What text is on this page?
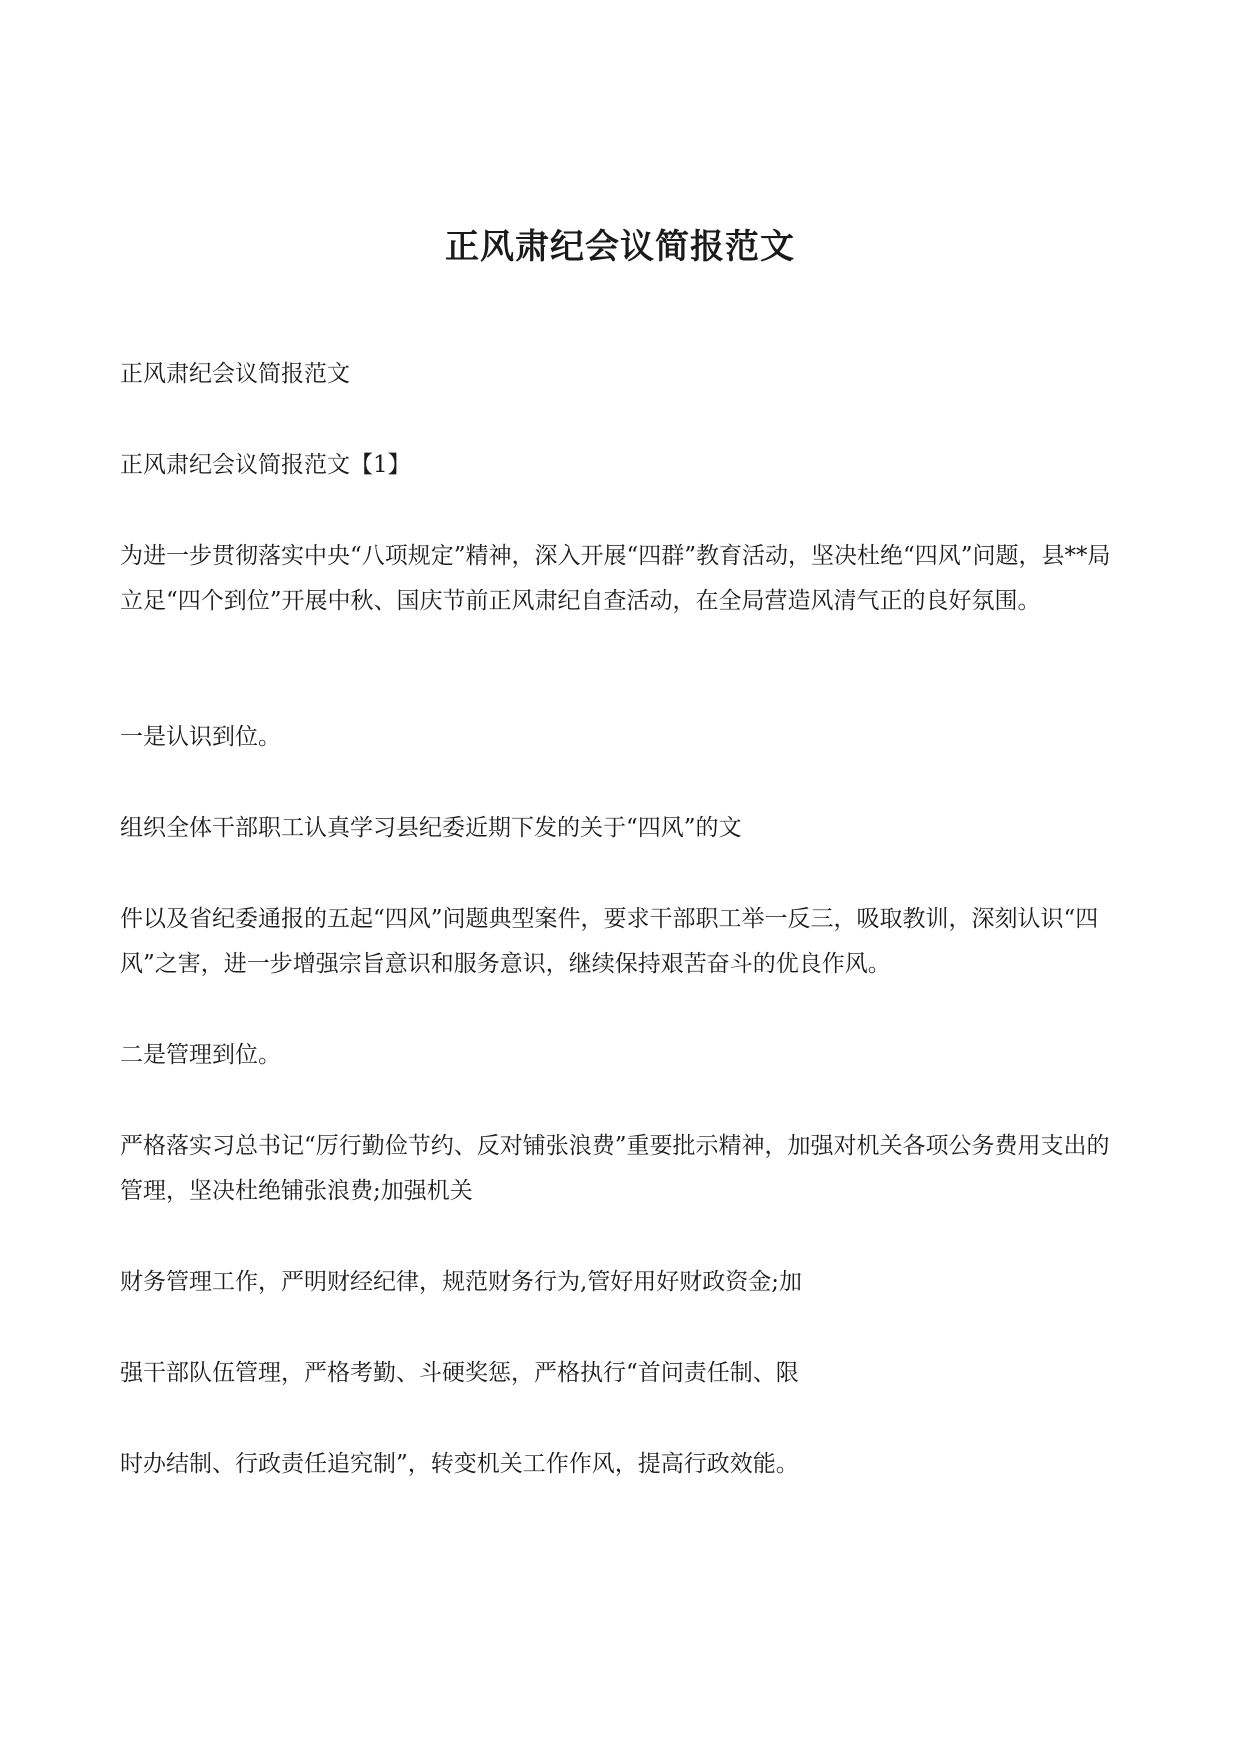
正风肃纪会议简报范文

正风肃纪会议简报范文

正风肃纪会议简报范文【1】

为进一步贯彻落实中央“八项规定”精神，深入开展“四群”教育活动，坚决杜绝“四风”问题，县**局立足“四个到位”开展中秋、国庆节前正风肃纪自查活动，在全局营造风清气正的良好氛围。

一是认识到位。

组织全体干部职工认真学习县纪委近期下发的关于“四风”的文

件以及省纪委通报的五起“四风”问题典型案件，要求干部职工举一反三，吸取教训，深刻认识“四风”之害，进一步增强宗旨意识和服务意识，继续保持艰苦奋斗的优良作风。

二是管理到位。

严格落实习总书记“厉行勤俭节约、反对铺张浪费”重要批示精神，加强对机关各项公务费用支出的管理，坚决杜绝铺张浪费;加强机关

财务管理工作，严明财经纪律，规范财务行为,管好用好财政资金;加

强干部队伍管理，严格考勤、斗硬奖惩，严格执行“首问责任制、限

时办结制、行政责任追究制”，转变机关工作作风，提高行政效能。
